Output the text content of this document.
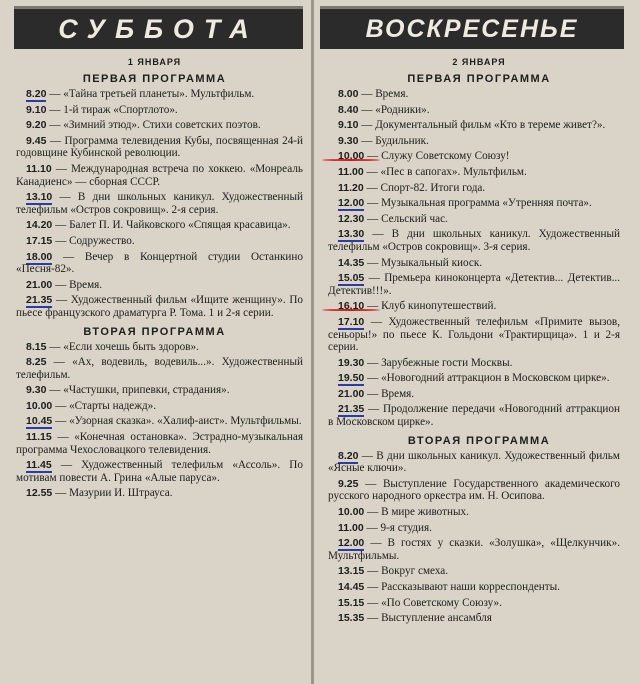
СУББОТА
1 ЯНВАРЯ
ПЕРВАЯ ПРОГРАММА
8.20 — «Тайна третьей планеты». Мультфильм.
9.10 — 1-й тираж «Спортлото».
9.20 — «Зимний этюд». Стихи советских поэтов.
9.45 — Программа телевидения Кубы, посвященная 24-й годовщине Кубинской революции.
11.10 — Международная встреча по хоккею. «Монреаль Канадиенс» — сборная СССР.
13.10 — В дни школьных каникул. Художественный телефильм «Остров сокровищ». 2-я серия.
14.20 — Балет П. И. Чайковского «Спящая красавица».
17.15 — Содружество.
18.00 — Вечер в Концертной студии Останкино «Песня-82».
21.00 — Время.
21.35 — Художественный фильм «Ищите женщину». По пьесе французского драматурга Р. Тома. 1 и 2-я серии.
ВТОРАЯ ПРОГРАММА
8.15 — «Если хочешь быть здоров».
8.25 — «Ах, водевиль, водевиль...». Художественный телефильм.
9.30 — «Частушки, припевки, страдания».
10.00 — «Старты надежд».
10.45 — «Узорная сказка». «Халиф-аист». Мультфильмы.
11.15 — «Конечная остановка». Эстрадно-музыкальная программа Чехословацкого телевидения.
11.45 — Художественный телефильм «Ассоль». По мотивам повести А. Грина «Алые паруса».
12.55 — Мазурии И. Штрауса.
ВОСКРЕСЕНЬЕ
2 ЯНВАРЯ
ПЕРВАЯ ПРОГРАММА
8.00 — Время.
8.40 — «Родники».
9.10 — Документальный фильм «Кто в тереме живет?».
9.30 — Будильник.
10.00 — Служу Советскому Союзу!
11.00 — «Пес в сапогах». Мультфильм.
11.20 — Спорт-82. Итоги года.
12.00 — Музыкальная программа «Утренняя почта».
12.30 — Сельский час.
13.30 — В дни школьных каникул. Художественный телефильм «Остров сокровищ». 3-я серия.
14.35 — Музыкальный киоск.
15.05 — Премьера киноконцерта «Детектив... Детектив... Детектив!!!».
16.10 — Клуб кинопутешествий.
17.10 — Художественный телефильм «Примите вызов, сеньоры!» по пьесе К. Гольдони «Трактирщица». 1 и 2-я серии.
19.30 — Зарубежные гости Москвы.
19.50 — «Новогодний аттракцион в Московском цирке».
21.00 — Время.
21.35 — Продолжение передачи «Новогодний аттракцион в Московском цирке».
ВТОРАЯ ПРОГРАММА
8.20 — В дни школьных каникул. Художественный фильм «Ясные ключи».
9.25 — Выступление Государственного академического русского народного оркестра им. Н. Осипова.
10.00 — В мире животных.
11.00 — 9-я студия.
12.00 — В гостях у сказки. «Золушка», «Щелкунчик». Мультфильмы.
13.15 — Вокруг смеха.
14.45 — Рассказывают наши корреспонденты.
15.15 — «По Советскому Союзу».
15.35 — Выступление ансамбля
